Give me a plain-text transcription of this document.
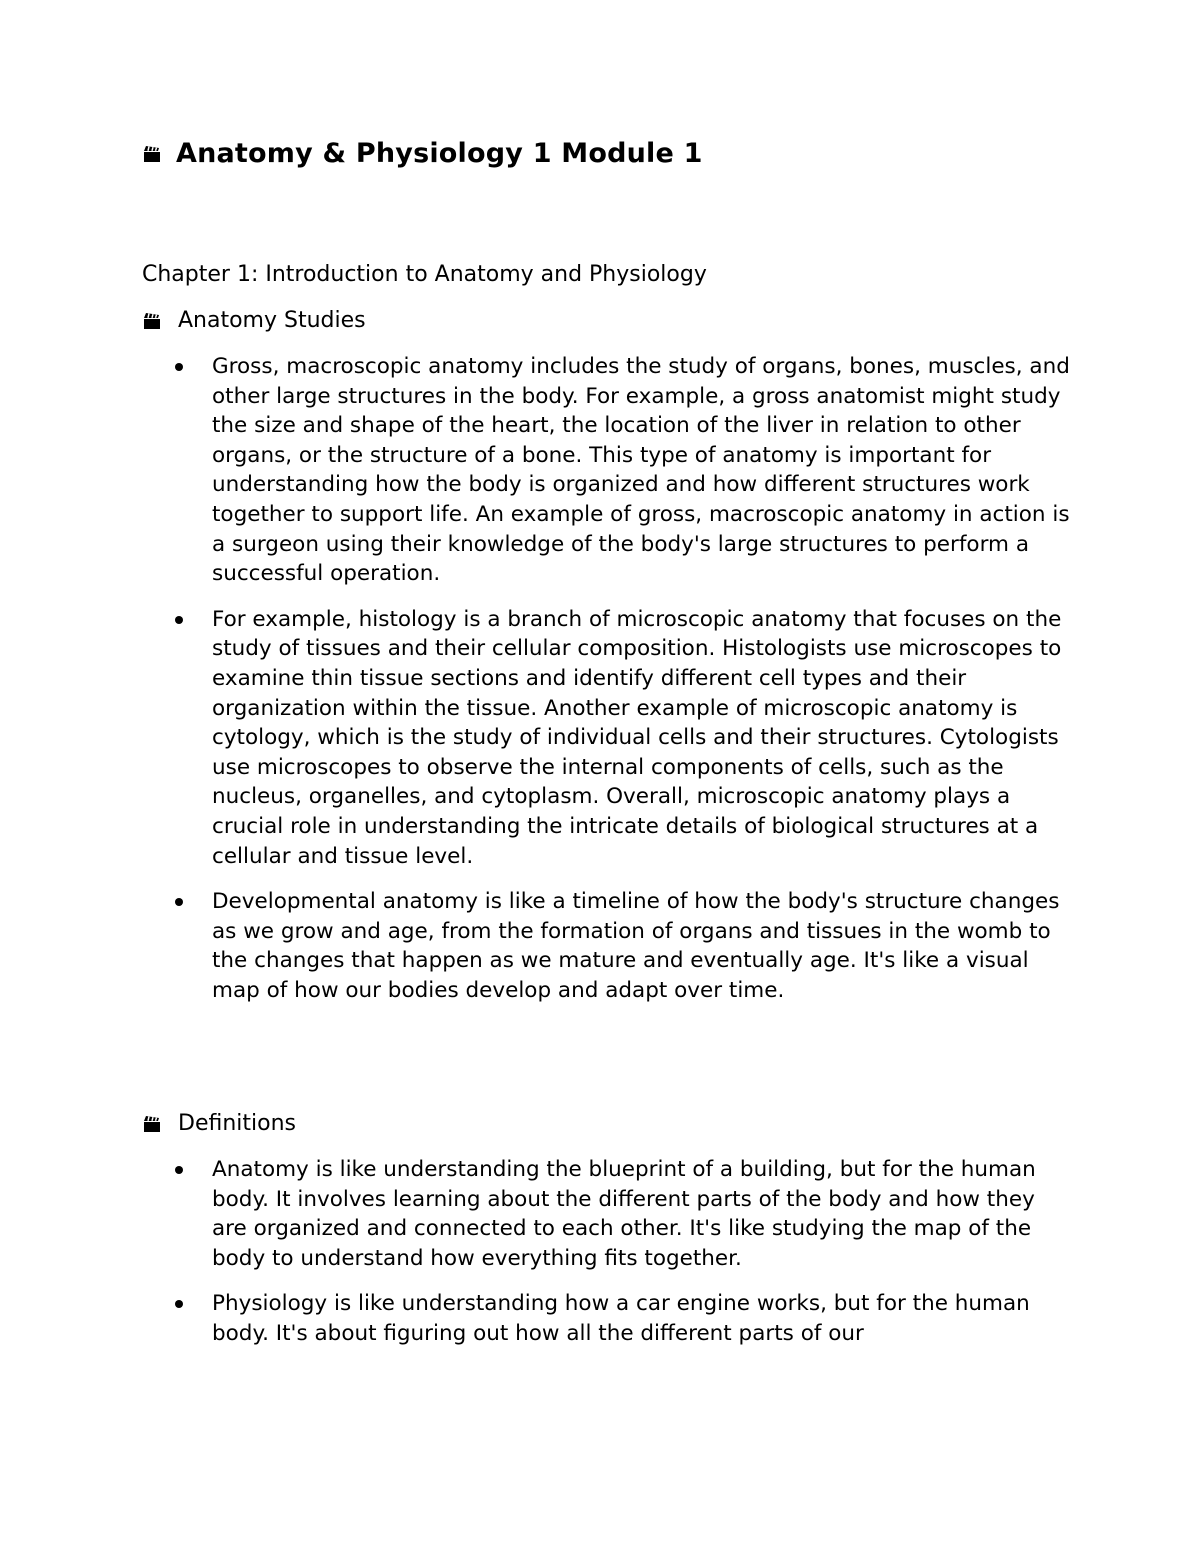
Anatomy & Physiology 1 Module 1
Chapter 1: Introduction to Anatomy and Physiology
Anatomy Studies
Gross, macroscopic anatomy includes the study of organs, bones, muscles, and other large structures in the body. For example, a gross anatomist might study the size and shape of the heart, the location of the liver in relation to other organs, or the structure of a bone. This type of anatomy is important for understanding how the body is organized and how different structures work together to support life. An example of gross, macroscopic anatomy in action is a surgeon using their knowledge of the body's large structures to perform a successful operation.
For example, histology is a branch of microscopic anatomy that focuses on the study of tissues and their cellular composition. Histologists use microscopes to examine thin tissue sections and identify different cell types and their organization within the tissue. Another example of microscopic anatomy is cytology, which is the study of individual cells and their structures. Cytologists use microscopes to observe the internal components of cells, such as the nucleus, organelles, and cytoplasm. Overall, microscopic anatomy plays a crucial role in understanding the intricate details of biological structures at a cellular and tissue level.
Developmental anatomy is like a timeline of how the body's structure changes as we grow and age, from the formation of organs and tissues in the womb to the changes that happen as we mature and eventually age. It's like a visual map of how our bodies develop and adapt over time.
Definitions
Anatomy is like understanding the blueprint of a building, but for the human body. It involves learning about the different parts of the body and how they are organized and connected to each other. It's like studying the map of the body to understand how everything fits together.
Physiology is like understanding how a car engine works, but for the human body. It's about figuring out how all the different parts of our
